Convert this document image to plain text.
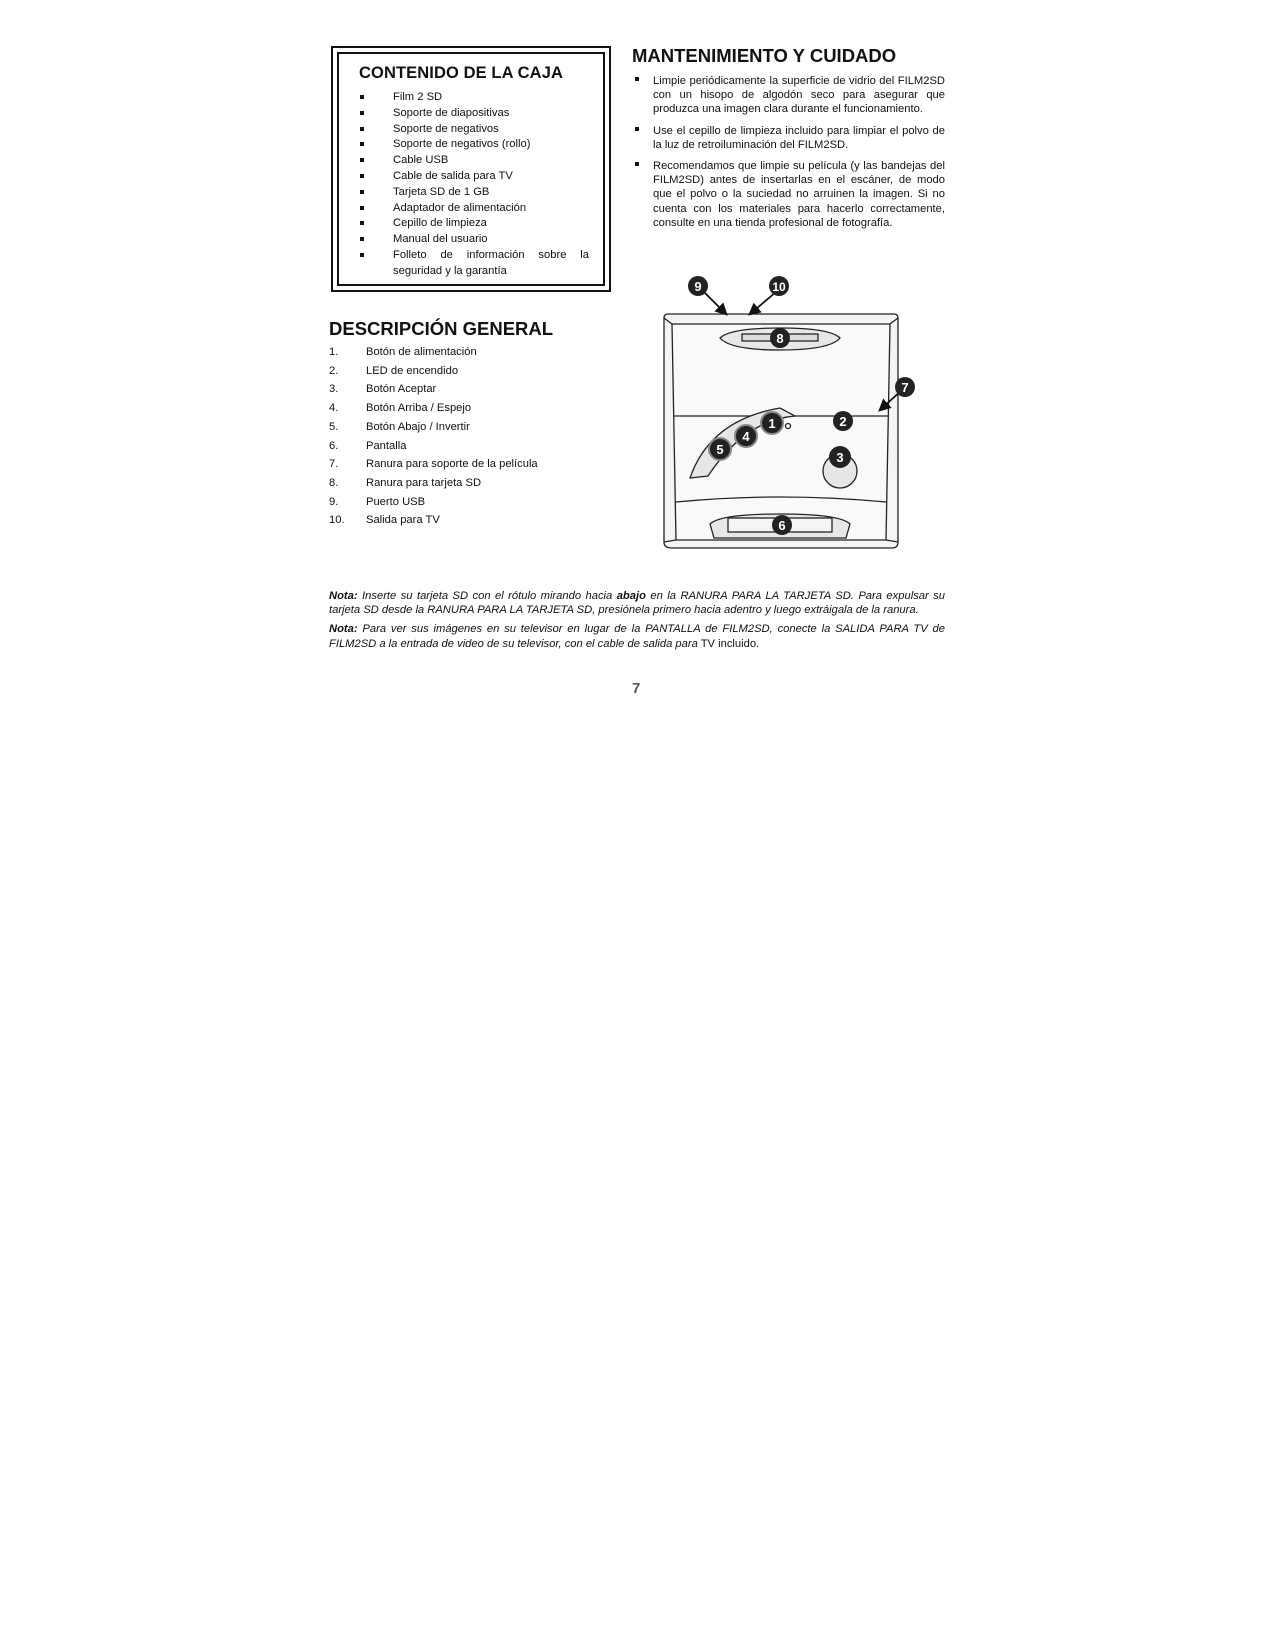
CONTENIDO DE LA CAJA
Film 2 SD
Soporte de diapositivas
Soporte de negativos
Soporte de negativos (rollo)
Cable USB
Cable de salida para TV
Tarjeta SD de 1 GB
Adaptador de alimentación
Cepillo de limpieza
Manual del usuario
Folleto de información sobre la seguridad y la garantía
MANTENIMIENTO Y CUIDADO
Limpie periódicamente la superficie de vidrio del FILM2SD con un hisopo de algodón seco para asegurar que produzca una imagen clara durante el funcionamiento.
Use el cepillo de limpieza incluido para limpiar el polvo de la luz de retroiluminación del FILM2SD.
Recomendamos que limpie su película (y las bandejas del FILM2SD) antes de insertarlas en el escáner, de modo que el polvo o la suciedad no arruinen la imagen. Si no cuenta con los materiales para hacerlo correctamente, consulte en una tienda profesional de fotografía.
DESCRIPCIÓN GENERAL
1. Botón de alimentación
2. LED de encendido
3. Botón Aceptar
4. Botón Arriba / Espejo
5. Botón Abajo / Invertir
6. Pantalla
7. Ranura para soporte de la película
8. Ranura para tarjeta SD
9. Puerto USB
10. Salida para TV
9	10
8
7
1	2
3
4
5
6

Nota: Inserte su tarjeta SD con el rótulo mirando hacia abajo en la RANURA PARA LA TARJETA SD. Para expulsar su tarjeta SD desde la RANURA PARA LA TARJETA SD, presiónela primero hacia adentro y luego extráigala de la ranura.

Nota: Para ver sus imágenes en su televisor en lugar de la PANTALLA de FILM2SD, conecte la SALIDA PARA TV de FILM2SD a la entrada de video de su televisor, con el cable de salida para TV incluido.

7
